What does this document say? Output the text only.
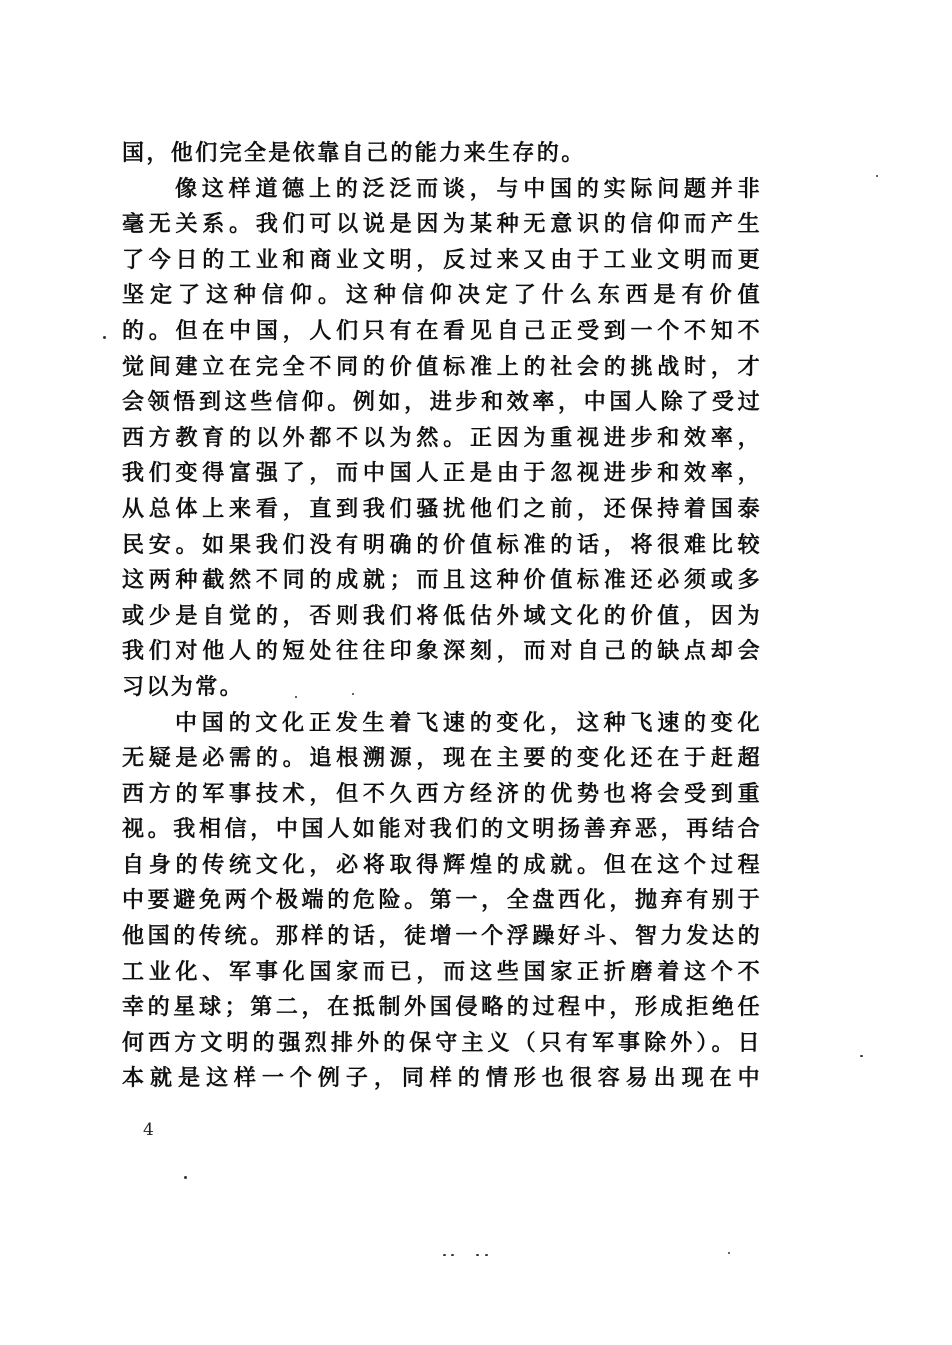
国，他们完全是依靠自己的能力来生存的。
像这样道德上的泛泛而谈，与中国的实际问题并非
毫无关系。我们可以说是因为某种无意识的信仰而产生
了今日的工业和商业文明，反过来又由于工业文明而更
坚定了这种信仰。这种信仰决定了什么东西是有价值
的。但在中国，人们只有在看见自己正受到一个不知不
觉间建立在完全不同的价值标准上的社会的挑战时，才
会领悟到这些信仰。例如，进步和效率，中国人除了受过
西方教育的以外都不以为然。正因为重视进步和效率，
我们变得富强了，而中国人正是由于忽视进步和效率，
从总体上来看，直到我们骚扰他们之前，还保持着国泰
民安。如果我们没有明确的价值标准的话，将很难比较
这两种截然不同的成就；而且这种价值标准还必须或多
或少是自觉的，否则我们将低估外域文化的价值，因为
我们对他人的短处往往印象深刻，而对自己的缺点却会
习以为常。
中国的文化正发生着飞速的变化，这种飞速的变化
无疑是必需的。追根溯源，现在主要的变化还在于赶超
西方的军事技术，但不久西方经济的优势也将会受到重
视。我相信，中国人如能对我们的文明扬善弃恶，再结合
自身的传统文化，必将取得辉煌的成就。但在这个过程
中要避免两个极端的危险。第一，全盘西化，抛弃有别于
他国的传统。那样的话，徒增一个浮躁好斗、智力发达的
工业化、军事化国家而已，而这些国家正折磨着这个不
幸的星球；第二，在抵制外国侵略的过程中，形成拒绝任
何西方文明的强烈排外的保守主义（只有军事除外）。日
本就是这样一个例子，同样的情形也很容易出现在中
4
